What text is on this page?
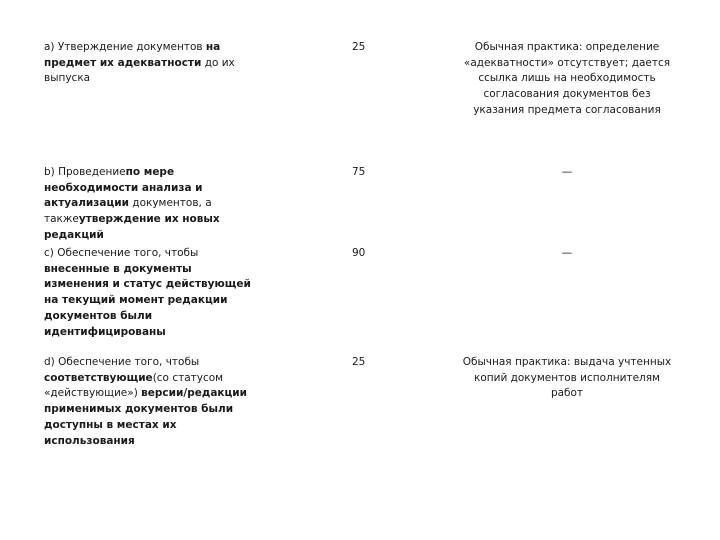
а) Утверждение документов на предмет их адекватности до их выпуска
25	Обычная практика: определение «адекватности» отсутствует; дается ссылка лишь на необходимость согласования документов без указания предмета согласования
b) Проведениепо мере необходимости анализа и актуализации документов, а такжеутверждение их новых редакций
75	—
c) Обеспечение того, чтобы внесенные в документы изменения и статус действующей на текущий момент редакции документов были идентифицированы
90	—
d) Обеспечение того, чтобы соответствующие(со статусом «действующие») версии/редакции применимых документов были доступны в местах их использования
25	Обычная практика: выдача учтенных копий документов исполнителям работ
